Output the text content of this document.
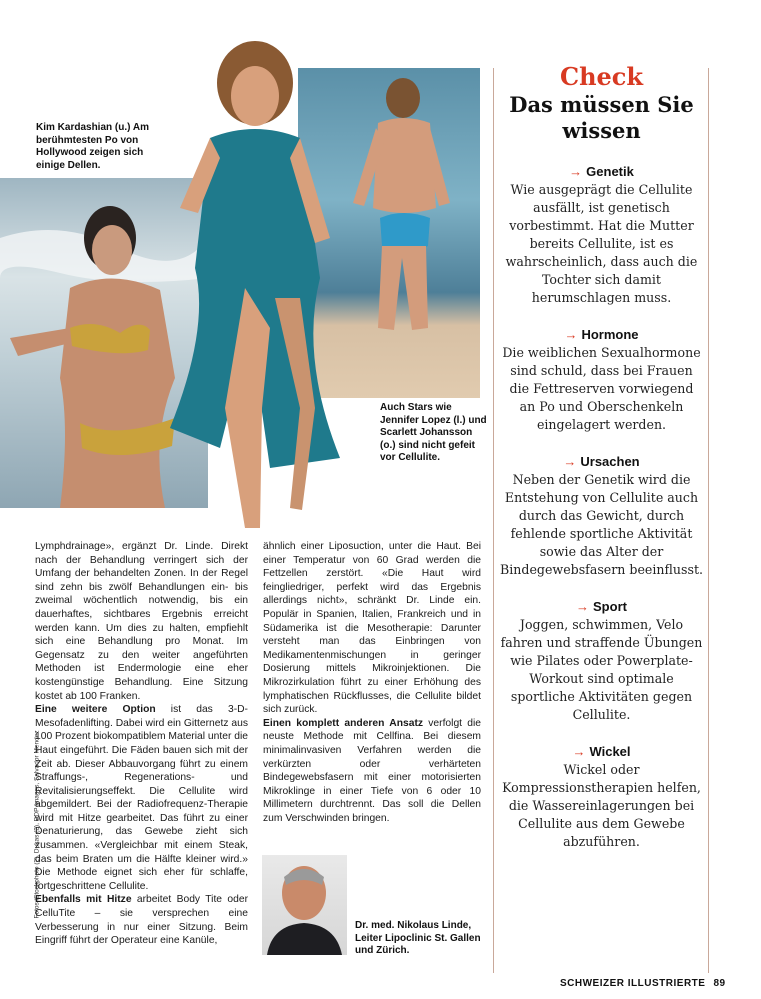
Kim Kardashian (u.) Am berühmtesten Po von Hollywood zeigen sich einige Dellen.
Auch Stars wie Jennifer Lopez (l.) und Scarlett Johansson (o.) sind nicht gefeit vor Cellulite.

Lymphdrainage», ergänzt Dr. Linde. Direkt nach der Behandlung verringert sich der Umfang der behandelten Zonen. In der Regel sind zehn bis zwölf Behandlungen ein- bis zweimal wöchentlich notwendig, bis ein dauerhaftes, sichtbares Ergebnis erreicht werden kann. Um dies zu halten, empfiehlt sich eine Behandlung pro Monat. Im Gegensatz zu den weiter angeführten Methoden ist Endermologie eine eher kostengünstige Behandlung. Eine Sitzung kostet ab 100 Franken.

Eine weitere Option ist das 3-D-Mesofadenlifting. Dabei wird ein Gitternetz aus 100 Prozent biokompatiblem Material unter die Haut eingeführt. Die Fäden bauen sich mit der Zeit ab. Dieser Abbauvorgang führt zu einem Straffungs-, Regenerations- und Revitalisierungseffekt. Die Cellulite wird abgemildert. Bei der Radiofrequenz-Therapie wird mit Hitze gearbeitet. Das führt zu einer Denaturierung, das Gewebe zieht sich zusammen. «Vergleichbar mit einem Steak, das beim Braten um die Hälfte kleiner wird.» Die Methode eignet sich eher für schlaffe, fortgeschrittene Cellulite.

Ebenfalls mit Hitze arbeitet Body Tite oder CelluTite – sie versprechen eine Verbesserung in nur einer Sitzung. Beim Eingriff führt der Operateur eine Kanüle,

ähnlich einer Liposuction, unter die Haut. Bei einer Temperatur von 60 Grad werden die Fettzellen zerstört. «Die Haut wird feingliedriger, perfekt wird das Ergebnis allerdings nicht», schränkt Dr. Linde ein. Populär in Spanien, Italien, Frankreich und in Südamerika ist die Mesotherapie: Darunter versteht man das Einbringen von Medikamentenmischungen in geringer Dosierung mittels Mikroinjektionen. Die Mikrozirkulation führt zu einer Erhöhung des lymphatischen Rückflusses, die Cellulite bildet sich zurück.

Einen komplett anderen Ansatz verfolgt die neuste Methode mit Cellfina. Bei diesem minimalinvasiven Verfahren werden die verkürzten oder verhärteten Bindegewebsfasern mit einer motorisierten Mikroklinge in einer Tiefe von 6 oder 10 Millimetern durchtrennt. Das soll die Dellen zum Verschwinden bringen.

Dr. med. Nikolaus Linde, Leiter Lipoclinic St. Gallen und Zürich.
Check
Das müssen Sie wissen
→ Genetik
Wie ausgeprägt die Cellulite ausfällt, ist genetisch vorbestimmt. Hat die Mutter bereits Cellulite, ist es wahrscheinlich, dass auch die Tochter sich damit herumschlagen muss.
→ Hormone
Die weiblichen Sexualhormone sind schuld, dass bei Frauen die Fettreserven vorwiegend an Po und Oberschenkeln eingelagert werden.
→ Ursachen
Neben der Genetik wird die Entstehung von Cellulite auch durch das Gewicht, durch fehlende sportliche Aktivität sowie das Alter der Bindegewebsfasern beeinflusst.
→ Sport
Joggen, schwimmen, Velo fahren und straffende Übungen wie Pilates oder Powerplate-Workout sind optimale sportliche Aktivitäten gegen Cellulite.
→ Wickel
Wickel oder Kompressionstherapien helfen, die Wassereinlagerungen bei Cellulite aus dem Gewebe abzuführen.
Fotos iStockphoto (2), Dukas (2), DDP Images, Salvador Mendez
SCHWEIZER ILLUSTRIERTE 89
